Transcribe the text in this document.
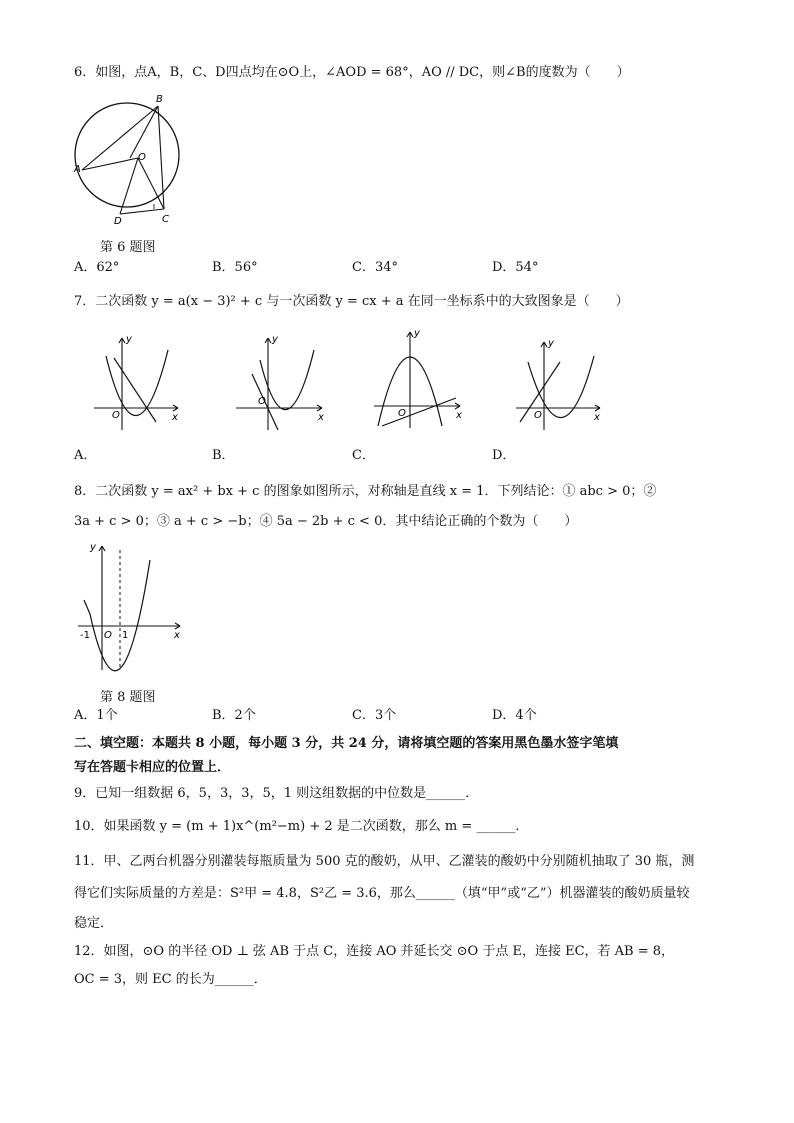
6．如图，点A，B，C、D四点均在⊙O上，∠AOD = 68°，AO // DC，则∠B的度数为（　　）
A
B
O
D	C
第 6 题图
A．62°	B．56°	C．34°	D．54°
7．二次函数 y = a(x − 3)² + c 与一次函数 y = cx + a 在同一坐标系中的大致图象是（　　）
y
x
O
A．
y
x
O
B．
y
x
O
C．
y
x
O
D．
8．二次函数 y = ax² + bx + c 的图象如图所示，对称轴是直线 x = 1．下列结论：① abc > 0；②
3a + c > 0；③ a + c > −b；④ 5a − 2b + c < 0．其中结论正确的个数为（　　）
y
x
O
-1	1
第 8 题图
A．1个	B．2个	C．3个	D．4个
二、填空题：本题共 8 小题，每小题 3 分，共 24 分，请将填空题的答案用黑色墨水签字笔填
写在答题卡相应的位置上．
9．已知一组数据 6，5，3，3，5，1 则这组数据的中位数是______．
10．如果函数 y = (m + 1)x^(m²−m) + 2 是二次函数，那么 m = ______．
11．甲、乙两台机器分别灌装每瓶质量为 500 克的酸奶，从甲、乙灌装的酸奶中分别随机抽取了 30 瓶，测
得它们实际质量的方差是：S²甲 = 4.8，S²乙 = 3.6，那么______（填“甲”或“乙”）机器灌装的酸奶质量较
稳定．
12．如图，⊙O 的半径 OD ⊥ 弦 AB 于点 C，连接 AO 并延长交 ⊙O 于点 E，连接 EC，若 AB = 8，
OC = 3，则 EC 的长为______．
